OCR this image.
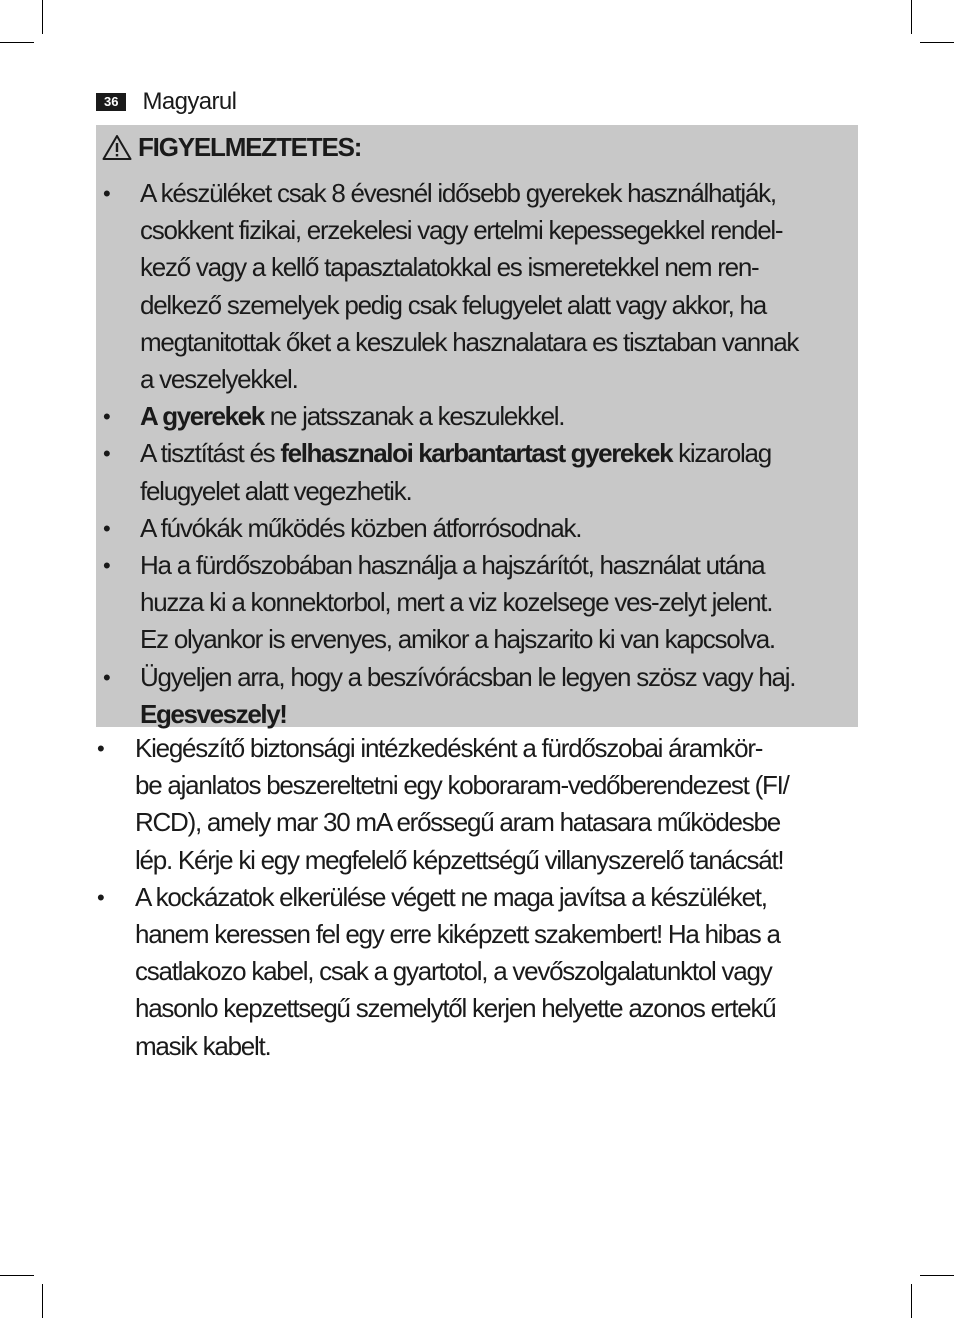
36	Magyarul
FIGYELMEZTETES:
• A készüléket csak 8 évesnél idősebb gyerekek használhatják,
csokkent fizikai, erzekelesi vagy ertelmi kepessegekkel rendel-
kező vagy a kellő tapasztalatokkal es ismeretekkel nem ren-
delkező szemelyek pedig csak felugyelet alatt vagy akkor, ha
megtanitottak őket a keszulek hasznalatara es tisztaban vannak
a veszelyekkel.
• A gyerekek ne jatsszanak a keszulekkel.
• A tisztítást és felhasznaloi karbantartast gyerekek kizarolag
felugyelet alatt vegezhetik.
• A fúvókák működés közben átforrósodnak.
• Ha a fürdőszobában használja a hajszárítót, használat utána
huzza ki a konnektorbol, mert a viz kozelsege ves-zelyt jelent.
Ez olyankor is ervenyes, amikor a hajszarito ki van kapcsolva.
• Ügyeljen arra, hogy a beszívórácsban le legyen szösz vagy haj.
Egesveszely!
• Kiegészítő biztonsági intézkedésként a fürdőszobai áramkör-
be ajanlatos beszereltetni egy koboraram-vedőberendezest (FI/
RCD), amely mar 30 mA erőssegű aram hatasara működesbe
lép. Kérje ki egy megfelelő képzettségű villanyszerelő tanácsát!
• A kockázatok elkerülése végett ne maga javítsa a készüléket,
hanem keressen fel egy erre kiképzett szakembert! Ha hibas a
csatlakozo kabel, csak a gyartotol, a vevőszolgalatunktol vagy
hasonlo kepzettsegű szemelytől kerjen helyette azonos ertekű
masik kabelt.
